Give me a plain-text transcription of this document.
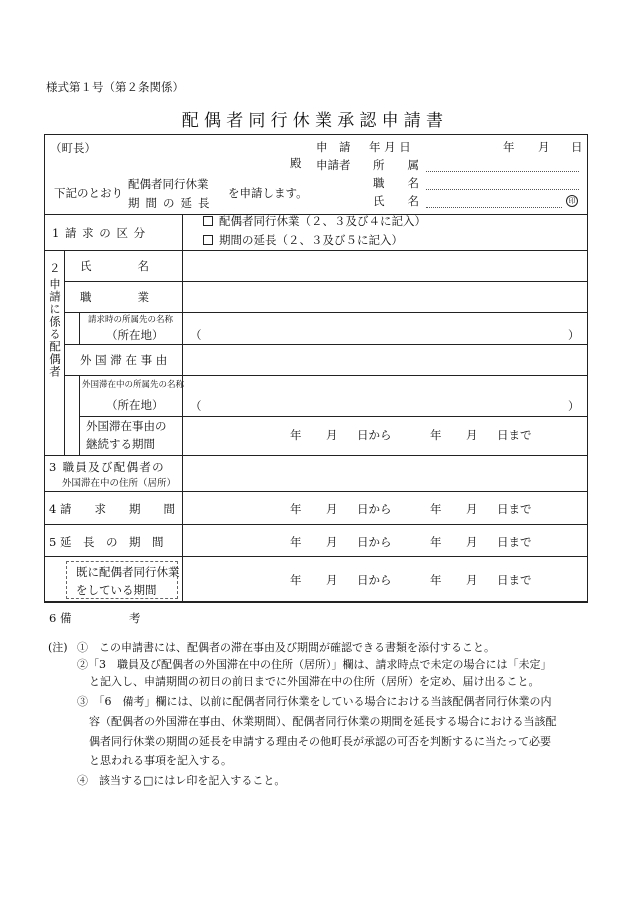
様式第１号（第２条関係）
配偶者同行休業承認申請書
（町長）
殿
申　請 年 月 日	年 月 日
申請者 所　　属
職　　名
氏　　名	印
下記のとおり
配偶者同行休業
期間の延長
を申請します。
1 請 求 の 区 分
配偶者同行休業（２、３及び４に記入）
期間の延長（２、３及び５に記入）
２
申請に係る配偶者
氏　　　　名
職　　　　業
請求時の所属先の名称
（所在地） （	）
外 国 滞 在 事 由
外国滞在中の所属先の名称
（所在地） （	）
外国滞在事由の
継続する期間
年 月 日から	年 月 日まで
3 職員及び配偶者の
外国滞在中の住所（居所）
4 請　　求　　期　　間	年 月 日から	年 月 日まで
5 延　長　の　期　間	年 月 日から	年 月 日まで
既に配偶者同行休業
をしている期間
年 月 日から	年 月 日まで
6 備　　　　　考
(注) ①　この申請書には、配偶者の滞在事由及び期間が確認できる書類を添付すること。
②「3　職員及び配偶者の外国滞在中の住所（居所）」欄は、請求時点で未定の場合には「未定」
と記入し、申請期間の初日の前日までに外国滞在中の住所（居所）を定め、届け出ること。
③　「6　備考」欄には、以前に配偶者同行休業をしている場合における当該配偶者同行休業の内
容（配偶者の外国滞在事由、休業期間）、配偶者同行休業の期間を延長する場合における当該配
偶者同行休業の期間の延長を申請する理由その他町長が承認の可否を判断するに当たって必要
と思われる事項を記入する。
④　該当する□にはレ印を記入すること。
